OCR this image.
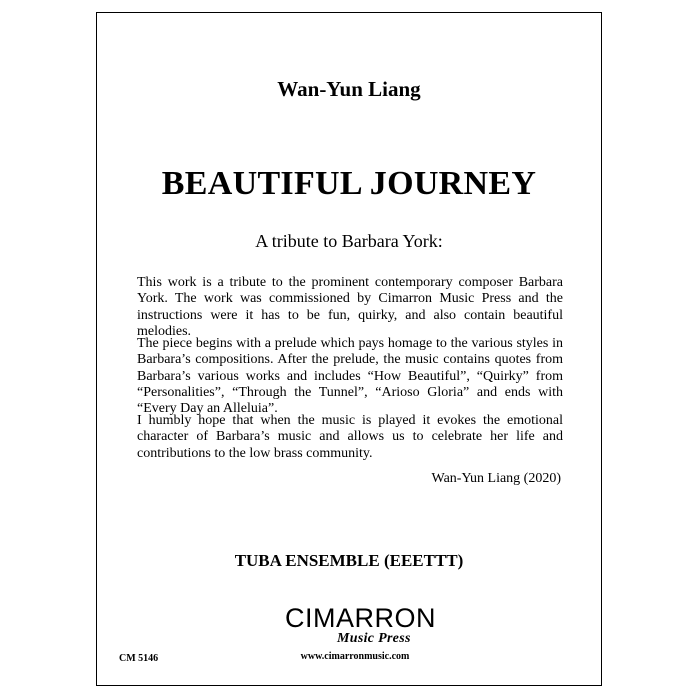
Wan-Yun Liang
BEAUTIFUL JOURNEY
A tribute to Barbara York:
This work is a tribute to the prominent contemporary composer Barbara York. The work was commissioned by Cimarron Music Press and the instructions were it has to be fun, quirky, and also contain beautiful melodies.
The piece begins with a prelude which pays homage to the various styles in Barbara’s compositions. After the prelude, the music contains quotes from Barbara’s various works and includes “How Beautiful”, “Quirky” from “Personalities”, “Through the Tunnel”, “Arioso Gloria” and ends with “Every Day an Alleluia”.
I humbly hope that when the music is played it evokes the emotional character of Barbara’s music and allows us to celebrate her life and contributions to the low brass community.
Wan-Yun Liang (2020)
TUBA ENSEMBLE (EEETTT)
CIMARRON
Music Press
CM 5146	www.cimarronmusic.com
